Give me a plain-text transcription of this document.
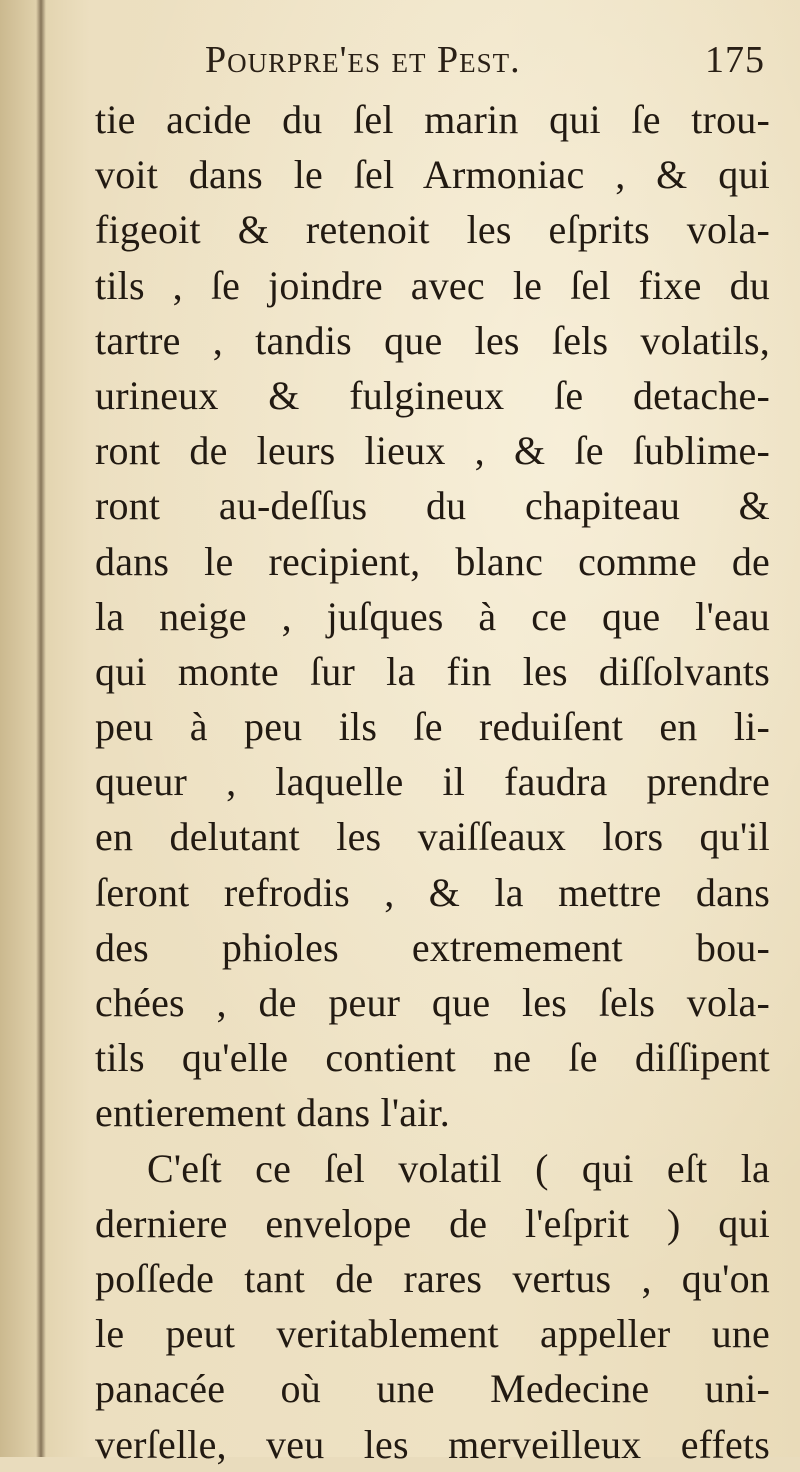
Pourpre'es et Pest.	175
tie acide du ſel marin qui ſe trou-
voit dans le ſel Armoniac , & qui
figeoit & retenoit les eſprits vola-
tils , ſe joindre avec le ſel fixe du
tartre , tandis que les ſels volatils,
urineux & fulgineux ſe detache-
ront de leurs lieux , & ſe ſublime-
ront au-deſſus du chapiteau &
dans le recipient, blanc comme de
la neige , juſques à ce que l'eau
qui monte ſur la fin les diſſolvants
peu à peu ils ſe reduiſent en li-
queur , laquelle il faudra prendre
en delutant les vaiſſeaux lors qu'il
ſeront refrodis , & la mettre dans
des phioles extremement bou-
chées , de peur que les ſels vola-
tils qu'elle contient ne ſe diſſipent
entierement dans l'air.
C'eſt ce ſel volatil ( qui eſt la
derniere envelope de l'eſprit ) qui
poſſede tant de rares vertus , qu'on
le peut veritablement appeller une
panacée où une Medecine uni-
verſelle, veu les merveilleux effets
